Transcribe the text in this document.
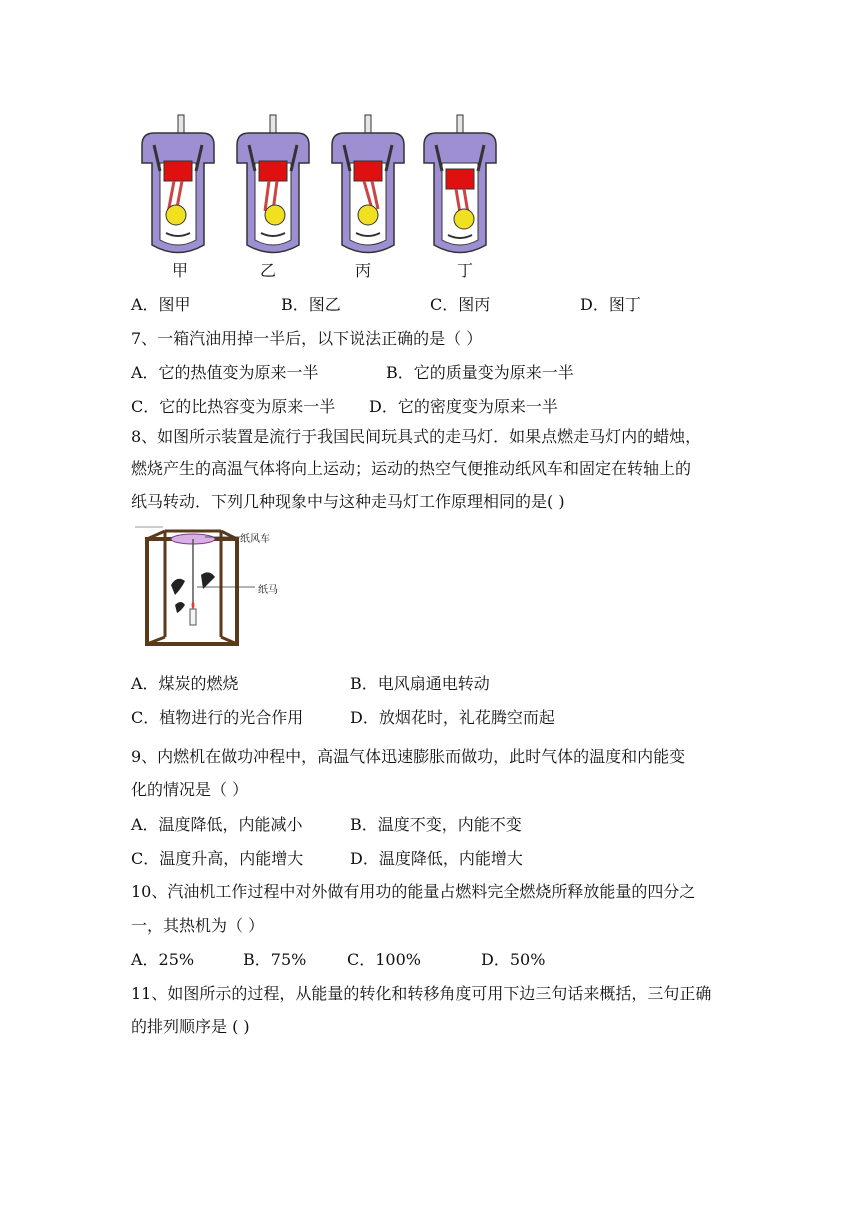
甲	乙	丙	丁
A．图甲	B．图乙	C．图丙	D．图丁
7、一箱汽油用掉一半后，以下说法正确的是（ ）
A．它的热值变为原来一半	B．它的质量变为原来一半
C．它的比热容变为原来一半 D．它的密度变为原来一半
8、如图所示装置是流行于我国民间玩具式的走马灯．如果点燃走马灯内的蜡烛，
燃烧产生的高温气体将向上运动；运动的热空气便推动纸风车和固定在转轴上的
纸马转动．下列几种现象中与这种走马灯工作原理相同的是( )
纸风车
纸马
A．煤炭的燃烧	B．电风扇通电转动
C．植物进行的光合作用	D．放烟花时，礼花腾空而起
9、内燃机在做功冲程中，高温气体迅速膨胀而做功，此时气体的温度和内能变
化的情况是（ ）
A．温度降低，内能减小	B．温度不变，内能不变
C．温度升高，内能增大	D．温度降低，内能增大
10、汽油机工作过程中对外做有用功的能量占燃料完全燃烧所释放能量的四分之
一，其热机为（ ）
A．25%	B．75%	C．100%	D．50%
11、如图所示的过程，从能量的转化和转移角度可用下边三句话来概括，三句正确
的排列顺序是 ( )
